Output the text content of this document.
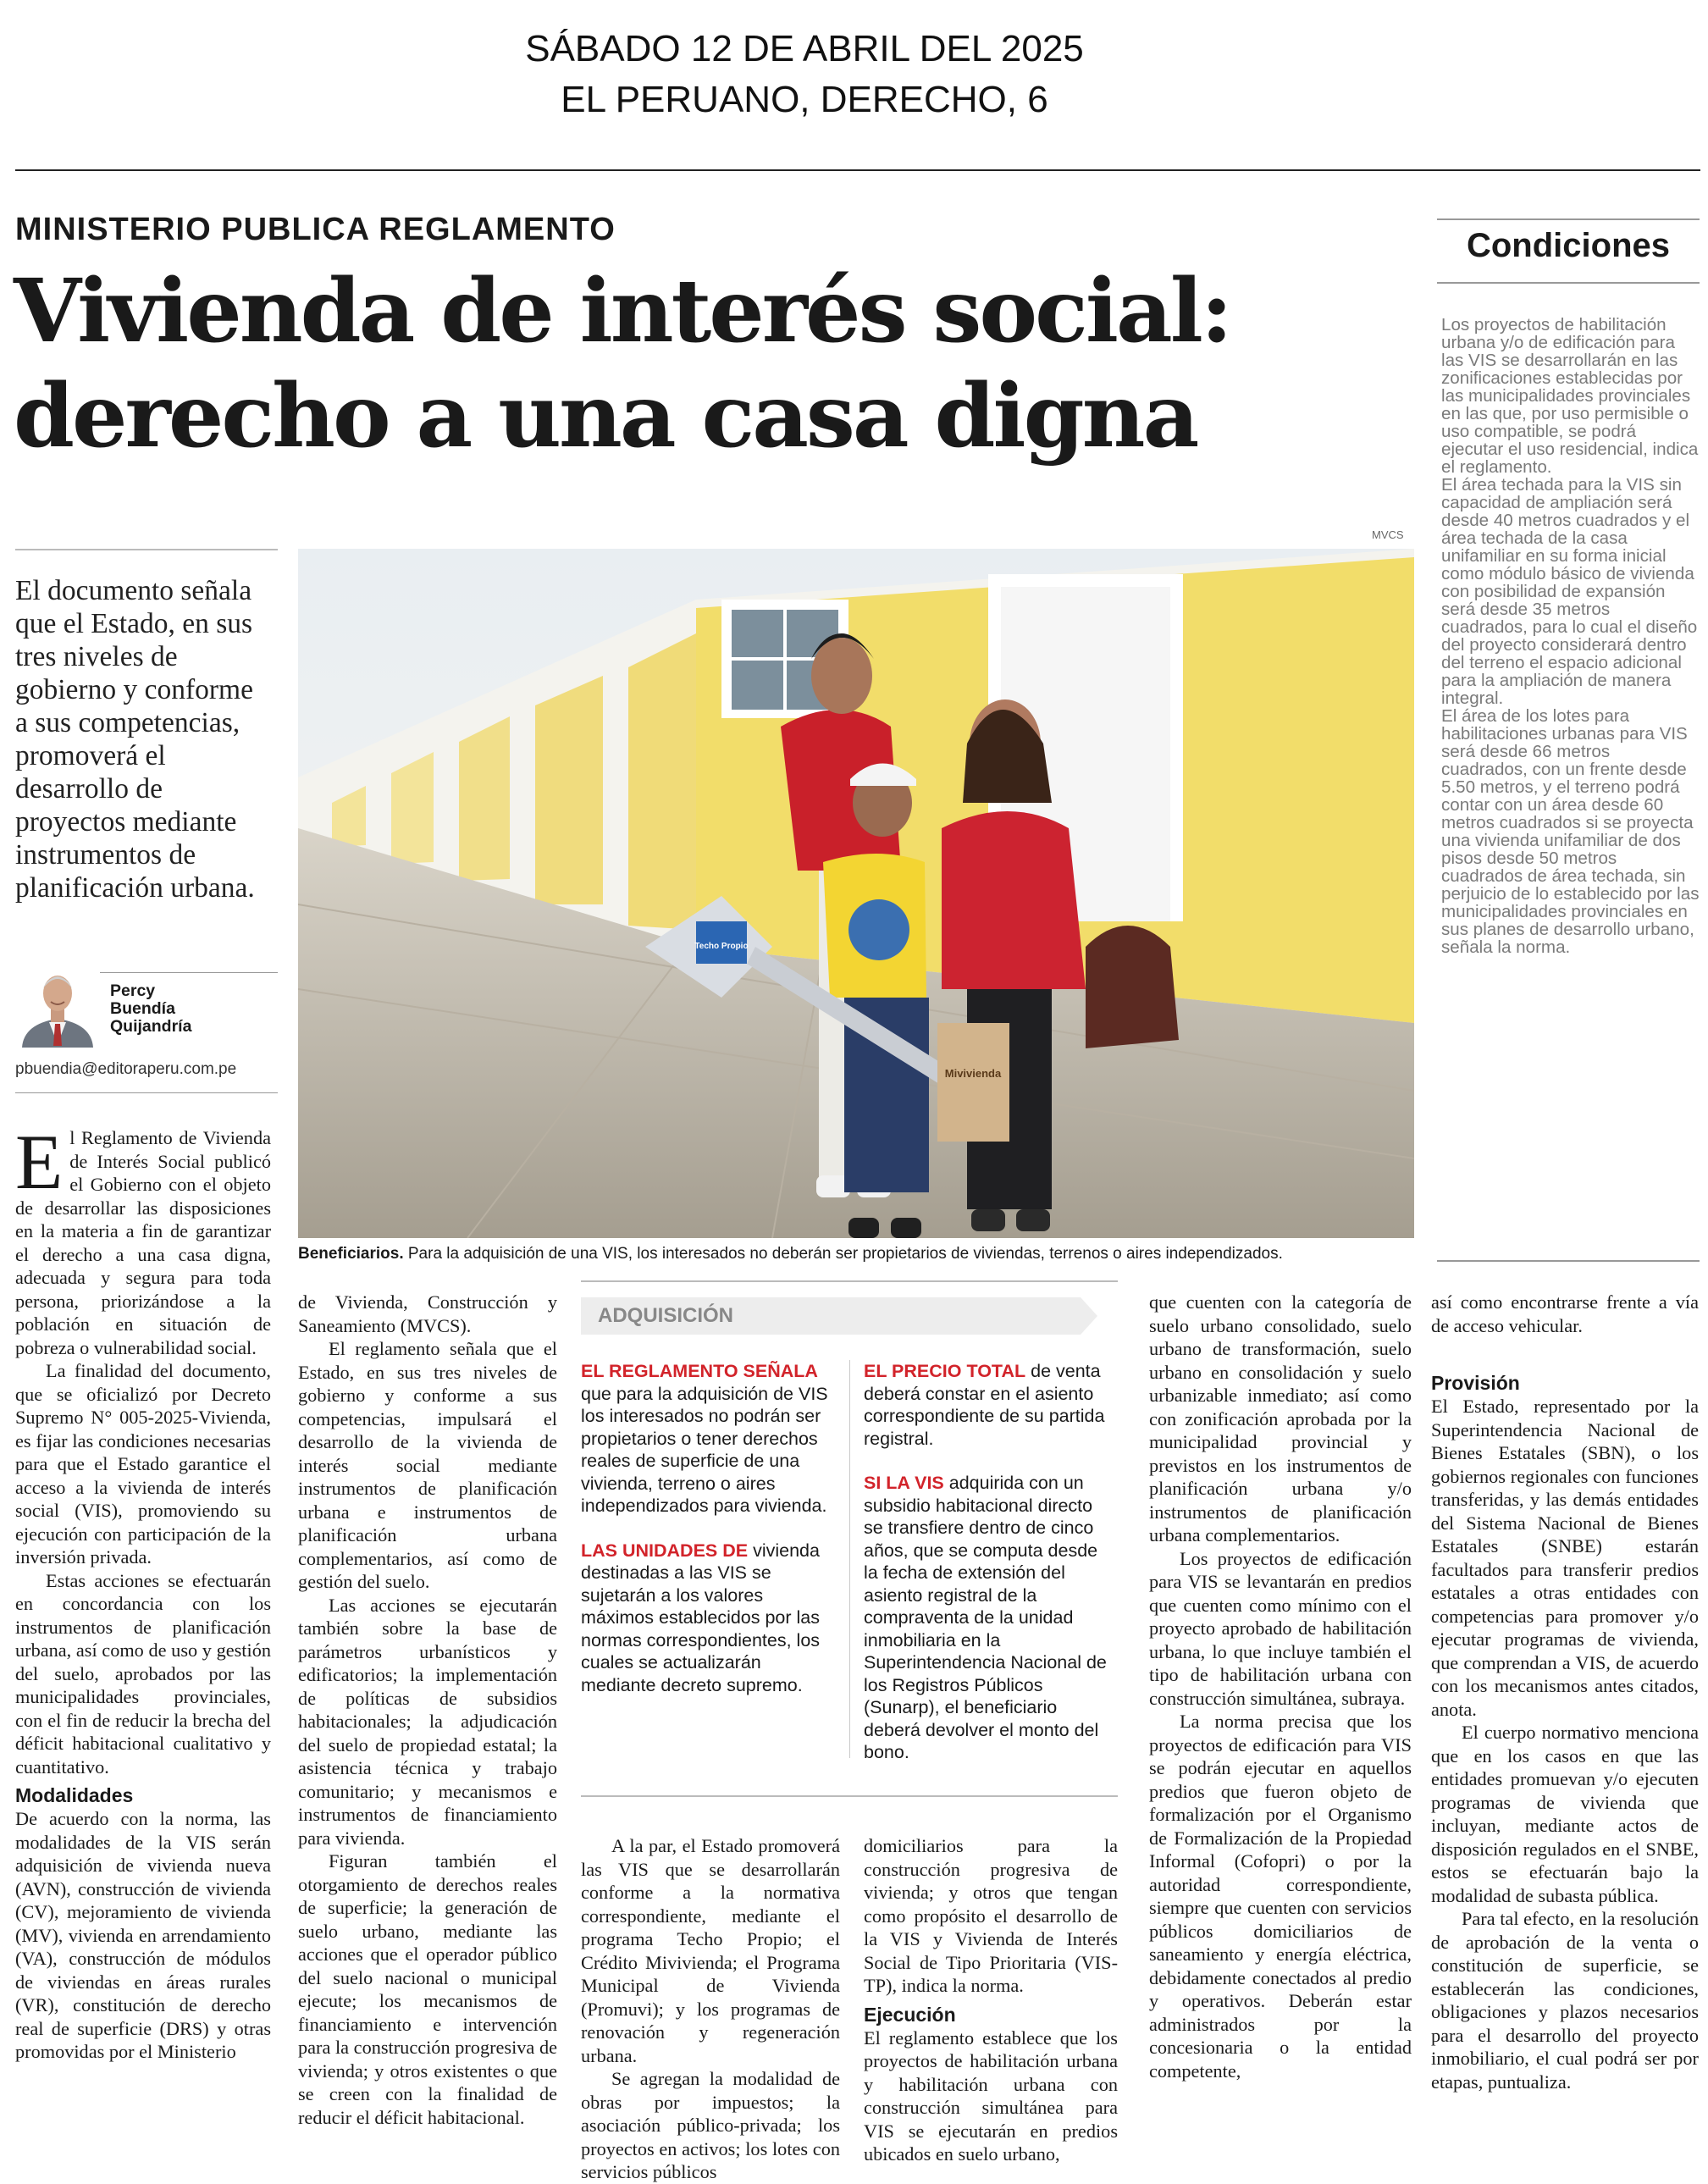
SÁBADO 12 DE ABRIL DEL 2025
EL PERUANO, DERECHO, 6
MINISTERIO PUBLICA REGLAMENTO
Vivienda de interés social:
derecho a una casa digna
Condiciones
Los proyectos de habilitación urbana y/o de edificación para las VIS se desarrollarán en las zonificaciones establecidas por las municipalidades provinciales en las que, por uso permisible o uso compatible, se podrá ejecutar el uso residencial, indica el reglamento.
El área techada para la VIS sin capacidad de ampliación será desde 40 metros cuadrados y el área techada de la casa unifamiliar en su forma inicial como módulo básico de vivienda con posibilidad de expansión será desde 35 metros cuadrados, para lo cual el diseño del proyecto considerará dentro del terreno el espacio adicional para la ampliación de manera integral.
El área de los lotes para habilitaciones urbanas para VIS será desde 66 metros cuadrados, con un frente desde 5.50 metros, y el terreno podrá contar con un área desde 60 metros cuadrados si se proyecta una vivienda unifamiliar de dos pisos desde 50 metros cuadrados de área techada, sin perjuicio de lo establecido por las municipalidades provinciales en sus planes de desarrollo urbano, señala la norma.
El documento señala que el Estado, en sus tres niveles de gobierno y conforme a sus competencias, promoverá el desarrollo de proyectos mediante instrumentos de planificación urbana.
Percy
Buendía
Quijandría
pbuendia@editoraperu.com.pe
MVCS
Techo Propio
Mivivienda
Beneficiarios. Para la adquisición de una VIS, los interesados no deberán ser propietarios de viviendas, terrenos o aires independizados.

El Reglamento de Vivienda de Interés Social publicó el Gobierno con el objeto de desarrollar las disposiciones en la materia a fin de garantizar el derecho a una casa digna, adecuada y segura para toda persona, priorizándose a la población en situación de pobreza o vulnerabilidad social.

La finalidad del documento, que se oficializó por Decreto Supremo N° 005-2025-Vivienda, es fijar las condiciones necesarias para que el Estado garantice el acceso a la vivienda de interés social (VIS), promoviendo su ejecución con participación de la inversión privada.

Estas acciones se efectuarán en concordancia con los instrumentos de planificación urbana, así como de uso y gestión del suelo, aprobados por las municipalidades provinciales, con el fin de reducir la brecha del déficit habitacional cualitativo y cuantitativo.

Modalidades

De acuerdo con la norma, las modalidades de la VIS serán adquisición de vivienda nueva (AVN), construcción de vivienda (CV), mejoramiento de vivienda (MV), vivienda en arrendamiento (VA), construcción de módulos de viviendas en áreas rurales (VR), constitución de derecho real de superficie (DRS) y otras promovidas por el Ministerio

de Vivienda, Construcción y Saneamiento (MVCS).

El reglamento señala que el Estado, en sus tres niveles de gobierno y conforme a sus competencias, impulsará el desarrollo de la vivienda de interés social mediante instrumentos de planificación urbana e instrumentos de planificación urbana complementarios, así como de gestión del suelo.

Las acciones se ejecutarán también sobre la base de parámetros urbanísticos y edificatorios; la implementación de políticas de subsidios habitacionales; la adjudicación del suelo de propiedad estatal; la asistencia técnica y trabajo comunitario; y mecanismos e instrumentos de financiamiento para vivienda.

Figuran también el otorgamiento de derechos reales de superficie; la generación de suelo urbano, mediante las acciones que el operador público del suelo nacional o municipal ejecute; los mecanismos de financiamiento e intervención para la construcción progresiva de vivienda; y otros existentes o que se creen con la finalidad de reducir el déficit habitacional.

ADQUISICIÓN

EL REGLAMENTO SEÑALA que para la adquisición de VIS los interesados no podrán ser propietarios o tener derechos reales de superficie de una vivienda, terreno o aires independizados para vivienda.

LAS UNIDADES DE vivienda destinadas a las VIS se sujetarán a los valores máximos establecidos por las normas correspondientes, los cuales se actualizarán mediante decreto supremo.

EL PRECIO TOTAL de venta deberá constar en el asiento correspondiente de su partida registral.

SI LA VIS adquirida con un subsidio habitacional directo se transfiere dentro de cinco años, que se computa desde la fecha de extensión del asiento registral de la compraventa de la unidad inmobiliaria en la Superintendencia Nacional de los Registros Públicos (Sunarp), el beneficiario deberá devolver el monto del bono.

A la par, el Estado promoverá las VIS que se desarrollarán conforme a la normativa correspondiente, mediante el programa Techo Propio; el Crédito Mivivienda; el Programa Municipal de Vivienda (Promuvi); y los programas de renovación y regeneración urbana.

Se agregan la modalidad de obras por impuestos; la asociación público-privada; los proyectos en activos; los lotes con servicios públicos

domiciliarios para la construcción progresiva de vivienda; y otros que tengan como propósito el desarrollo de la VIS y Vivienda de Interés Social de Tipo Prioritaria (VIS-TP), indica la norma.

Ejecución

El reglamento establece que los proyectos de habilitación urbana y habilitación urbana con construcción simultánea para VIS se ejecutarán en predios ubicados en suelo urbano,

que cuenten con la categoría de suelo urbano consolidado, suelo urbano de transformación, suelo urbano en consolidación y suelo urbanizable inmediato; así como con zonificación aprobada por la municipalidad provincial y previstos en los instrumentos de planificación urbana y/o instrumentos de planificación urbana complementarios.

Los proyectos de edificación para VIS se levantarán en predios que cuenten como mínimo con el proyecto aprobado de habilitación urbana, lo que incluye también el tipo de habilitación urbana con construcción simultánea, subraya.

La norma precisa que los proyectos de edificación para VIS se podrán ejecutar en aquellos predios que fueron objeto de formalización por el Organismo de Formalización de la Propiedad Informal (Cofopri) o por la autoridad correspondiente, siempre que cuenten con servicios públicos domiciliarios de saneamiento y energía eléctrica, debidamente conectados al predio y operativos. Deberán estar administrados por la concesionaria o la entidad competente,

así como encontrarse frente a vía de acceso vehicular.

Provisión

El Estado, representado por la Superintendencia Nacional de Bienes Estatales (SBN), o los gobiernos regionales con funciones transferidas, y las demás entidades del Sistema Nacional de Bienes Estatales (SNBE) estarán facultados para transferir predios estatales a otras entidades con competencias para promover y/o ejecutar programas de vivienda, que comprendan a VIS, de acuerdo con los mecanismos antes citados, anota.

El cuerpo normativo menciona que en los casos en que las entidades promuevan y/o ejecuten programas de vivienda que incluyan, mediante actos de disposición regulados en el SNBE, estos se efectuarán bajo la modalidad de subasta pública.

Para tal efecto, en la resolución de aprobación de la venta o constitución de superficie, se establecerán las condiciones, obligaciones y plazos necesarios para el desarrollo del proyecto inmobiliario, el cual podrá ser por etapas, puntualiza.
